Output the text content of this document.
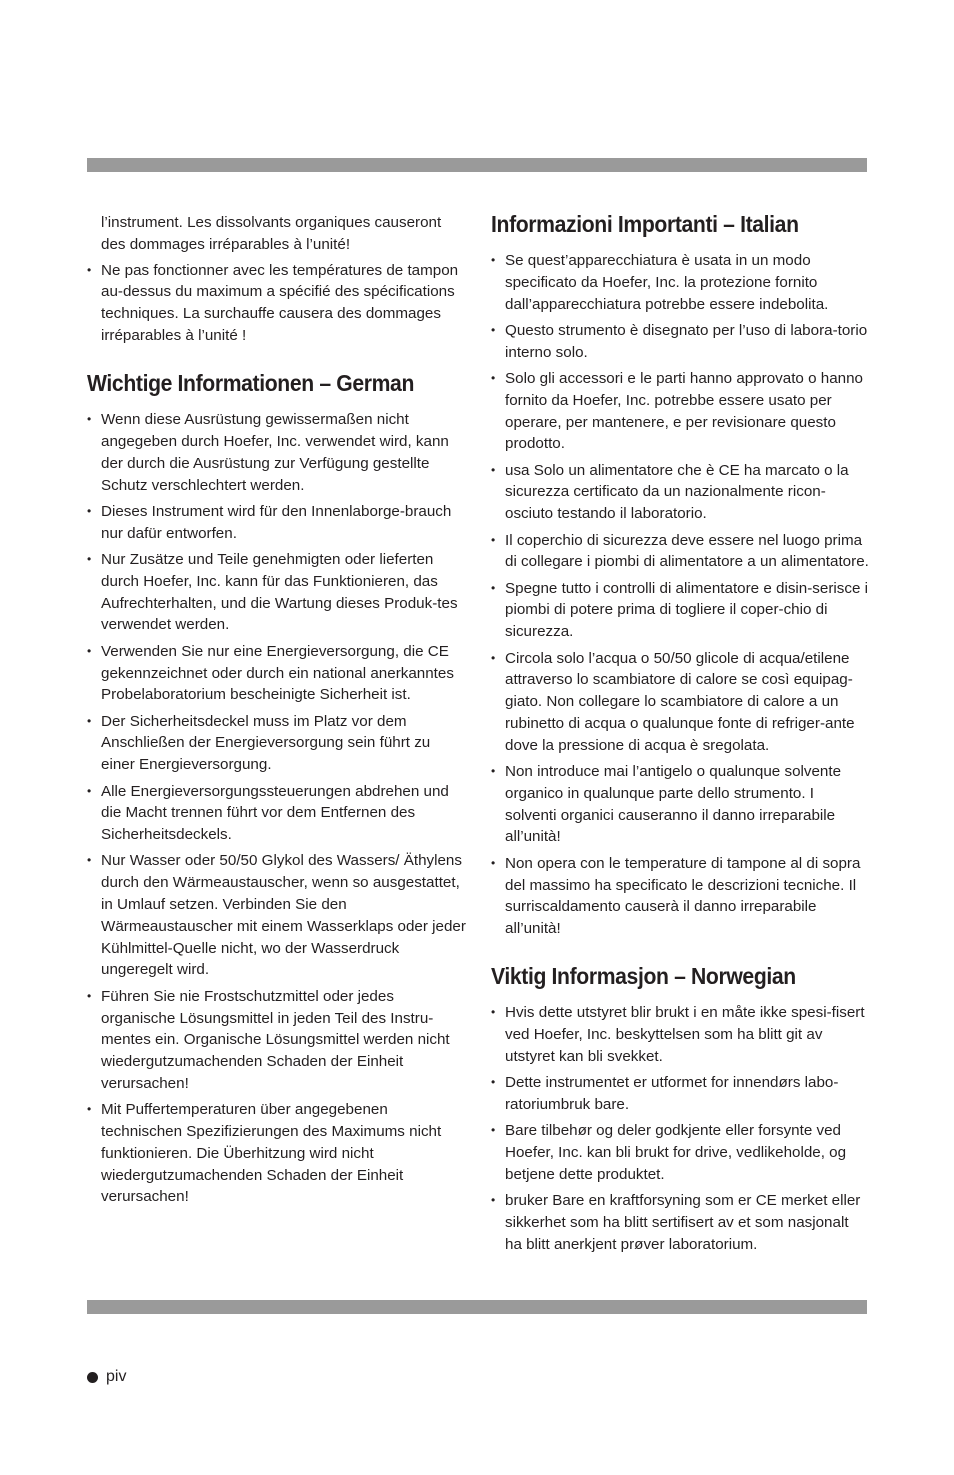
l’instrument. Les dissolvants organiques causeront des dommages irréparables à l’unité!

• Ne pas fonctionner avec les températures de tampon au-dessus du maximum a spécifié des spécifications techniques. La surchauffe causera des dommages irréparables à l’unité !
Wichtige Informationen – German
• Wenn diese Ausrüstung gewissermaßen nicht angegeben durch Hoefer, Inc. verwendet wird, kann der durch die Ausrüstung zur Verfügung gestellte Schutz verschlechtert werden.
• Dieses Instrument wird für den Innenlaborge-brauch nur dafür entworfen.
• Nur Zusätze und Teile genehmigten oder lieferten durch Hoefer, Inc. kann für das Funktionieren, das Aufrechterhalten, und die Wartung dieses Produk-tes verwendet werden.
• Verwenden Sie nur eine Energieversorgung, die CE gekennzeichnet oder durch ein national anerkanntes Probelaboratorium bescheinigte Sicherheit ist.
• Der Sicherheitsdeckel muss im Platz vor dem Anschließen der Energieversorgung sein führt zu einer Energieversorgung.
• Alle Energieversorgungssteuerungen abdrehen und die Macht trennen führt vor dem Entfernen des Sicherheitsdeckels.
• Nur Wasser oder 50/50 Glykol des Wassers/ Äthylens durch den Wärmeaustauscher, wenn so ausgestattet, in Umlauf setzen. Verbinden Sie den Wärmeaustauscher mit einem Wasserklaps oder jeder Kühlmittel-Quelle nicht, wo der Wasserdruck ungeregelt wird.
• Führen Sie nie Frostschutzmittel oder jedes organische Lösungsmittel in jeden Teil des Instru-mentes ein. Organische Lösungsmittel werden nicht wiedergutzumachenden Schaden der Einheit verursachen!
• Mit Puffertemperaturen über angegebenen technischen Spezifizierungen des Maximums nicht funktionieren. Die Überhitzung wird nicht wiedergutzumachenden Schaden der Einheit verursachen!
Informazioni Importanti – Italian
• Se quest’apparecchiatura è usata in un modo specificato da Hoefer, Inc. la protezione fornito dall’apparecchiatura potrebbe essere indebolita.
• Questo strumento è disegnato per l’uso di labora-torio interno solo.
• Solo gli accessori e le parti hanno approvato o hanno fornito da Hoefer, Inc. potrebbe essere usato per operare, per mantenere, e per revisionare questo prodotto.
• usa Solo un alimentatore che è CE ha marcato o la sicurezza certificato da un nazionalmente ricon-osciuto testando il laboratorio.
• Il coperchio di sicurezza deve essere nel luogo prima di collegare i piombi di alimentatore a un alimentatore.
• Spegne tutto i controlli di alimentatore e disin-serisce i piombi di potere prima di togliere il coper-chio di sicurezza.
• Circola solo l’acqua o 50/50 glicole di acqua/etilene attraverso lo scambiatore di calore se così equipag-giato. Non collegare lo scambiatore di calore a un rubinetto di acqua o qualunque fonte di refriger-ante dove la pressione di acqua è sregolata.
• Non introduce mai l’antigelo o qualunque solvente organico in qualunque parte dello strumento. I solventi organici causeranno il danno irreparabile all’unità!
• Non opera con le temperature di tampone al di sopra del massimo ha specificato le descrizioni tecniche. Il surriscaldamento causerà il danno irreparabile all’unità!
Viktig Informasjon – Norwegian
• Hvis dette utstyret blir brukt i en måte ikke spesi-fisert ved Hoefer, Inc. beskyttelsen som ha blitt git av utstyret kan bli svekket.
• Dette instrumentet er utformet for innendørs labo-ratoriumbruk bare.
• Bare tilbehør og deler godkjente eller forsynte ved Hoefer, Inc. kan bli brukt for drive, vedlikeholde, og betjene dette produktet.
• bruker Bare en kraftforsyning som er CE merket eller sikkerhet som ha blitt sertifisert av et som nasjonalt ha blitt anerkjent prøver laboratorium.
piv
